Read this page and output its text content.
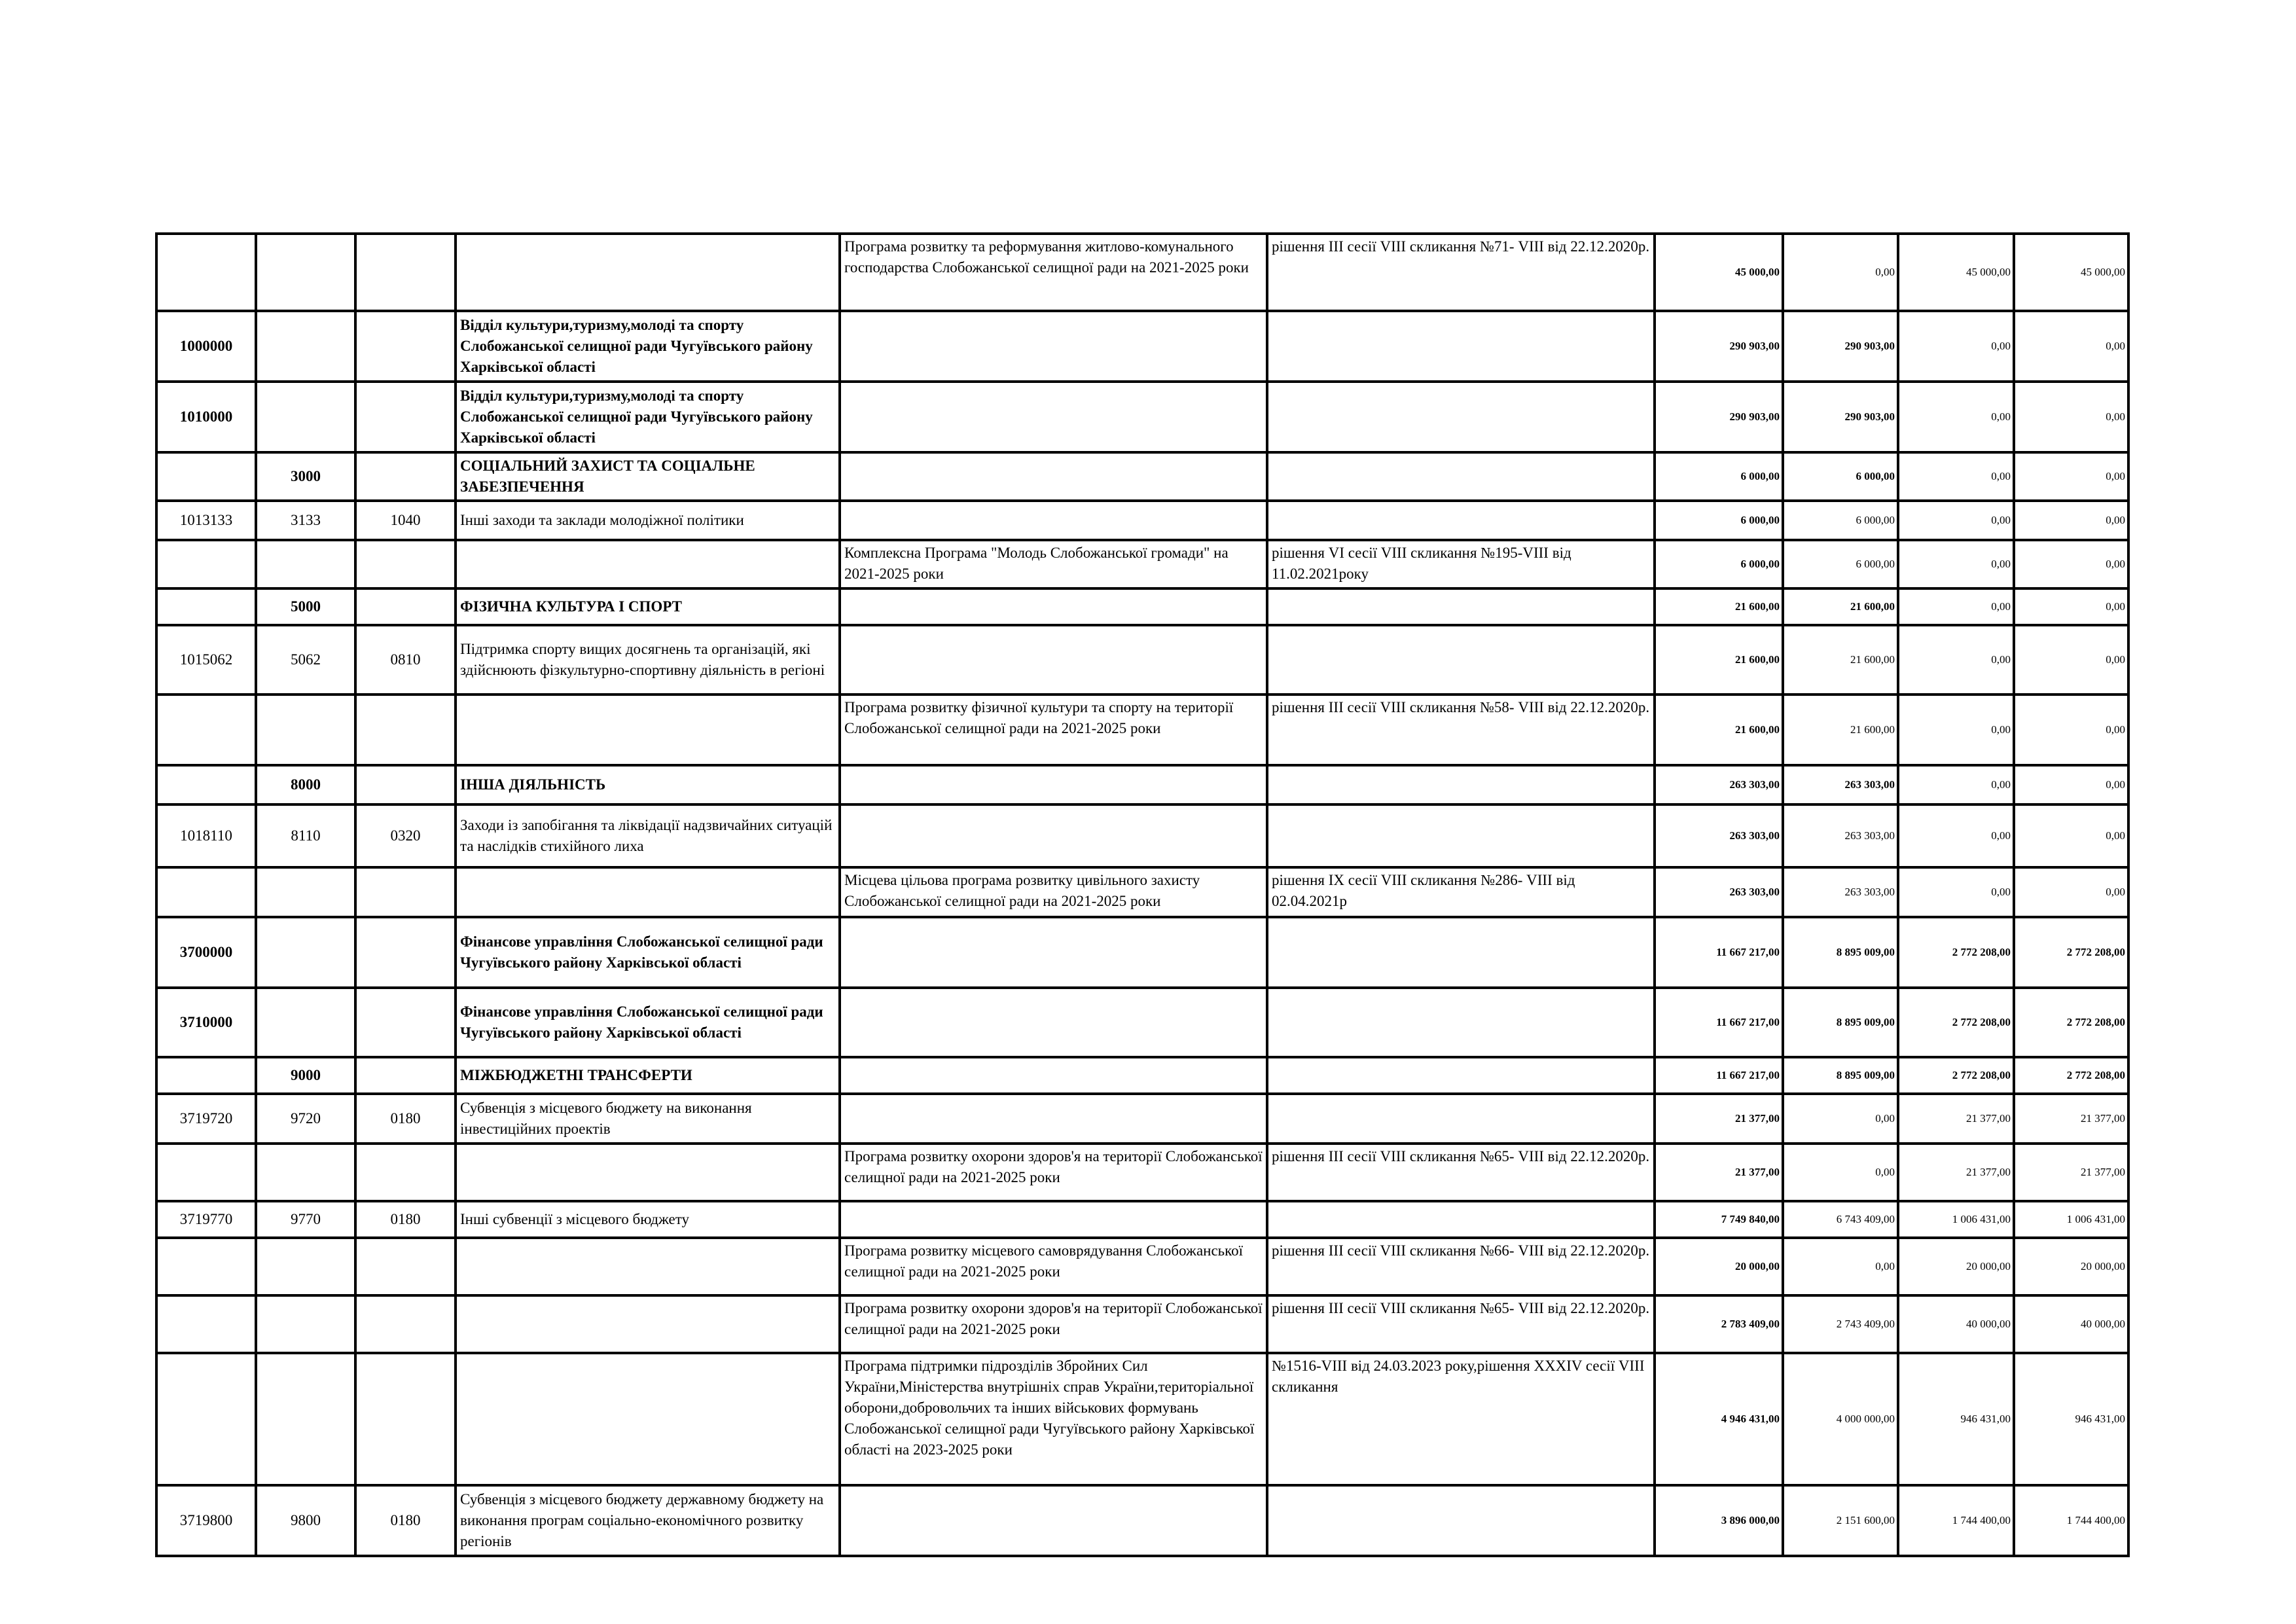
				Програма розвитку та реформування житлово-комунального господарства Слобожанської селищної ради на 2021-2025 роки	рішення ІІІ сесії VIII скликання №71- VIII від 22.12.2020р.	45 000,00	0,00	45 000,00	45 000,00
1000000			Відділ культури,туризму,молоді та спорту Слобожанської селищної ради Чугуївського району Харківської області			290 903,00	290 903,00	0,00	0,00
1010000			Відділ культури,туризму,молоді та спорту Слобожанської селищної ради Чугуївського району Харківської області			290 903,00	290 903,00	0,00	0,00
	3000		СОЦІАЛЬНИЙ ЗАХИСТ ТА СОЦІАЛЬНЕ ЗАБЕЗПЕЧЕННЯ			6 000,00	6 000,00	0,00	0,00
1013133	3133	1040	Інші заходи та заклади молодіжної політики			6 000,00	6 000,00	0,00	0,00
				Комплексна Програма "Молодь Слобожанської громади" на 2021-2025 роки	рішення VI сесії VIII скликання №195-VIII від 11.02.2021року	6 000,00	6 000,00	0,00	0,00
	5000		ФІЗИЧНА КУЛЬТУРА І СПОРТ			21 600,00	21 600,00	0,00	0,00
1015062	5062	0810	Підтримка спорту вищих досягнень та організацій, які здійснюють фізкультурно-спортивну діяльність в регіоні			21 600,00	21 600,00	0,00	0,00
				Програма розвитку фізичної культури та спорту на території Слобожанської селищної ради на 2021-2025 роки	рішення ІІІ сесії VIII скликання №58- VIII від 22.12.2020р.	21 600,00	21 600,00	0,00	0,00
	8000		ІНША ДІЯЛЬНІСТЬ			263 303,00	263 303,00	0,00	0,00
1018110	8110	0320	Заходи із запобігання та ліквідації надзвичайних ситуацій та наслідків стихійного лиха			263 303,00	263 303,00	0,00	0,00
				Місцева цільова програма розвитку цивільного захисту Слобожанської селищної ради на 2021-2025 роки	рішення IX сесії VIII скликання №286- VIII від 02.04.2021р	263 303,00	263 303,00	0,00	0,00
3700000			Фінансове управління Слобожанської селищної ради Чугуївського району Харківської області			11 667 217,00	8 895 009,00	2 772 208,00	2 772 208,00
3710000			Фінансове управління Слобожанської селищної ради Чугуївського району Харківської області			11 667 217,00	8 895 009,00	2 772 208,00	2 772 208,00
	9000		МІЖБЮДЖЕТНІ ТРАНСФЕРТИ			11 667 217,00	8 895 009,00	2 772 208,00	2 772 208,00
3719720	9720	0180	Субвенція з місцевого бюджету на виконання інвестиційних проектів			21 377,00	0,00	21 377,00	21 377,00
				Програма розвитку охорони здоров'я на території Слобожанської селищної ради на 2021-2025 роки	рішення ІІІ сесії VIII скликання №65- VIII від 22.12.2020р.	21 377,00	0,00	21 377,00	21 377,00
3719770	9770	0180	Інші субвенції з місцевого бюджету			7 749 840,00	6 743 409,00	1 006 431,00	1 006 431,00
				Програма розвитку місцевого самоврядування Слобожанської селищної ради на 2021-2025 роки	рішення ІІІ сесії VIII скликання №66- VIII від 22.12.2020р.	20 000,00	0,00	20 000,00	20 000,00
				Програма розвитку охорони здоров'я на території Слобожанської селищної ради на 2021-2025 роки	рішення ІІІ сесії VIII скликання №65- VIII від 22.12.2020р.	2 783 409,00	2 743 409,00	40 000,00	40 000,00
				Програма підтримки підрозділів Збройних Сил України,Міністерства внутрішніх справ України,територіальної оборони,добровольчих та інших військових формувань Слобожанської селищної ради Чугуївського району Харківської області на 2023-2025 роки	№1516-VIII від 24.03.2023 року,рішення XXXIV сесії VIII скликання	4 946 431,00	4 000 000,00	946 431,00	946 431,00
3719800	9800	0180	Субвенція з місцевого бюджету державному бюджету на виконання програм соціально-економічного розвитку регіонів			3 896 000,00	2 151 600,00	1 744 400,00	1 744 400,00
